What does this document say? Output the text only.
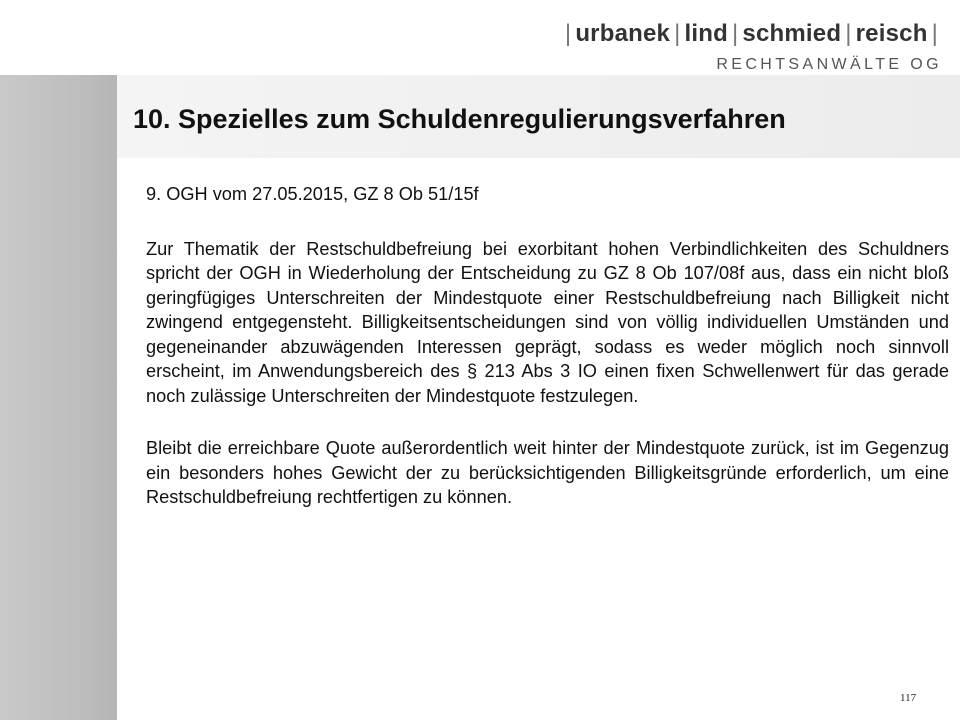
| urbanek | lind | schmied | reisch |
RECHTSANWÄLTE OG
10. Spezielles zum Schuldenregulierungsverfahren

9. OGH vom 27.05.2015, GZ 8 Ob 51/15f

Zur Thematik der Restschuldbefreiung bei exorbitant hohen Verbindlichkeiten des Schuldners spricht der OGH in Wiederholung der Entscheidung zu GZ 8 Ob 107/08f aus, dass ein nicht bloß geringfügiges Unterschreiten der Mindestquote einer Restschuldbefreiung nach Billigkeit nicht zwingend entgegensteht. Billigkeitsentscheidungen sind von völlig individuellen Umständen und gegeneinander abzuwägenden Interessen geprägt, sodass es weder möglich noch sinnvoll erscheint, im Anwendungsbereich des § 213 Abs 3 IO einen fixen Schwellenwert für das gerade noch zulässige Unterschreiten der Mindestquote festzulegen.

Bleibt die erreichbare Quote außerordentlich weit hinter der Mindestquote zurück, ist im Gegenzug ein besonders hohes Gewicht der zu berücksichtigenden Billigkeitsgründe erforderlich, um eine Restschuldbefreiung rechtfertigen zu können.

117
